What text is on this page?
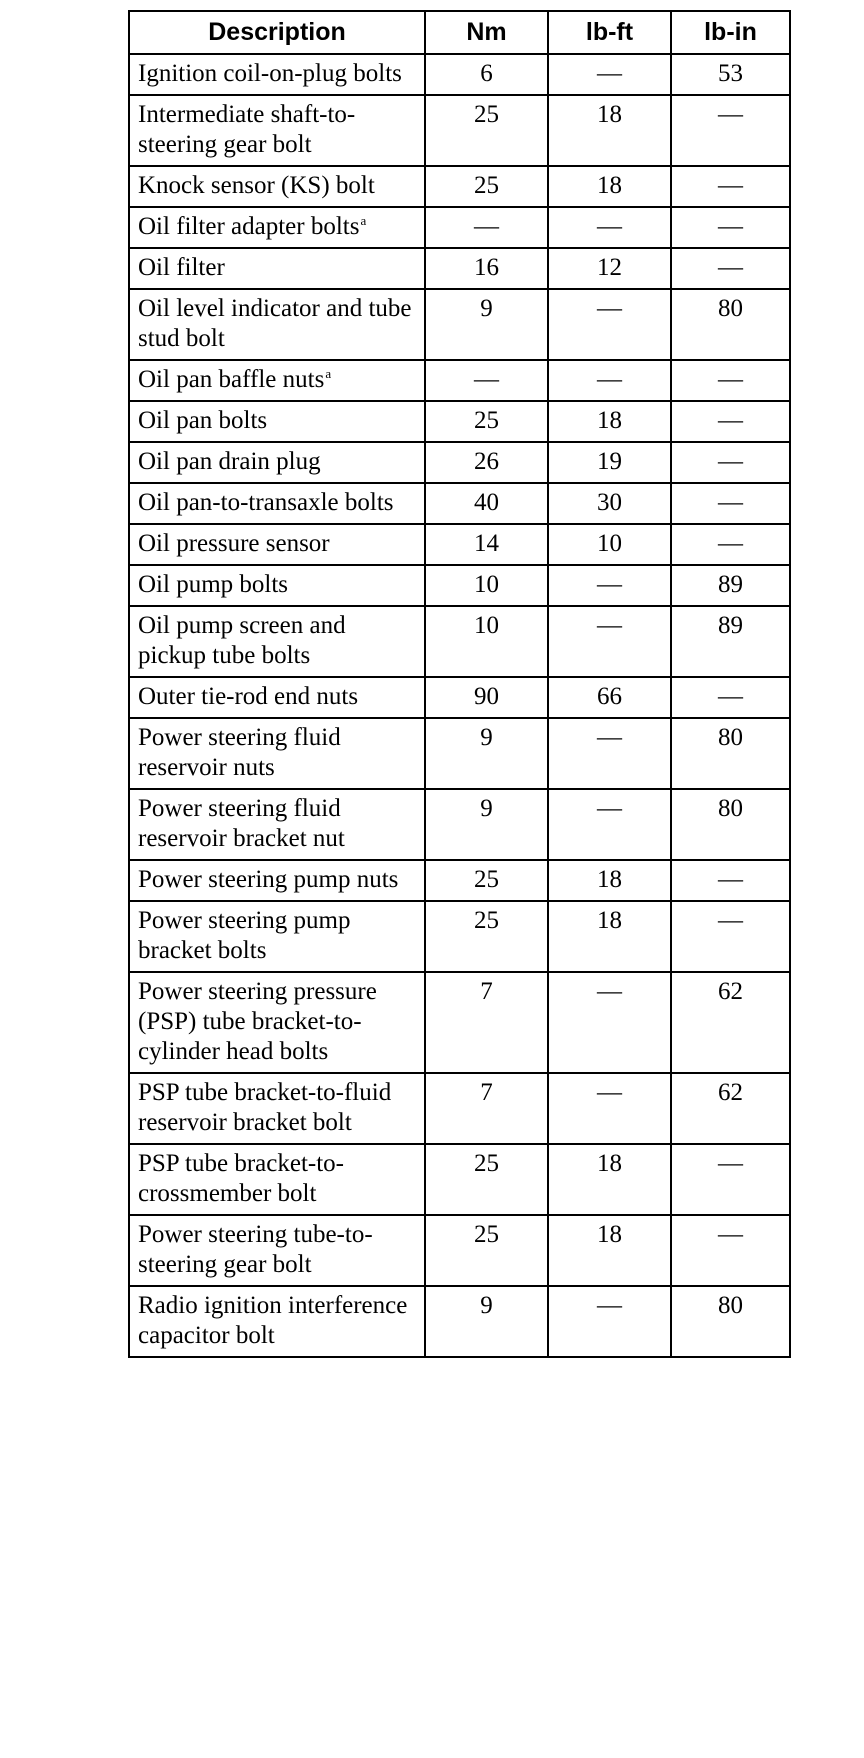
Description	Nm	lb-ft	lb-in
Ignition coil-on-plug bolts	6	—	53
Intermediate shaft-to-steering gear bolt	25	18	—
Knock sensor (KS) bolt	25	18	—
Oil filter adapter bolts$^a$	—	—	—
Oil filter	16	12	—
Oil level indicator and tube stud bolt	9	—	80
Oil pan baffle nuts$^a$	—	—	—
Oil pan bolts	25	18	—
Oil pan drain plug	26	19	—
Oil pan-to-transaxle bolts	40	30	—
Oil pressure sensor	14	10	—
Oil pump bolts	10	—	89
Oil pump screen and pickup tube bolts	10	—	89
Outer tie-rod end nuts	90	66	—
Power steering fluid reservoir nuts	9	—	80
Power steering fluid reservoir bracket nut	9	—	80
Power steering pump nuts	25	18	—
Power steering pump bracket bolts	25	18	—
Power steering pressure (PSP) tube bracket-to-cylinder head bolts	7	—	62
PSP tube bracket-to-fluid reservoir bracket bolt	7	—	62
PSP tube bracket-to-crossmember bolt	25	18	—
Power steering tube-to-steering gear bolt	25	18	—
Radio ignition interference capacitor bolt	9	—	80
